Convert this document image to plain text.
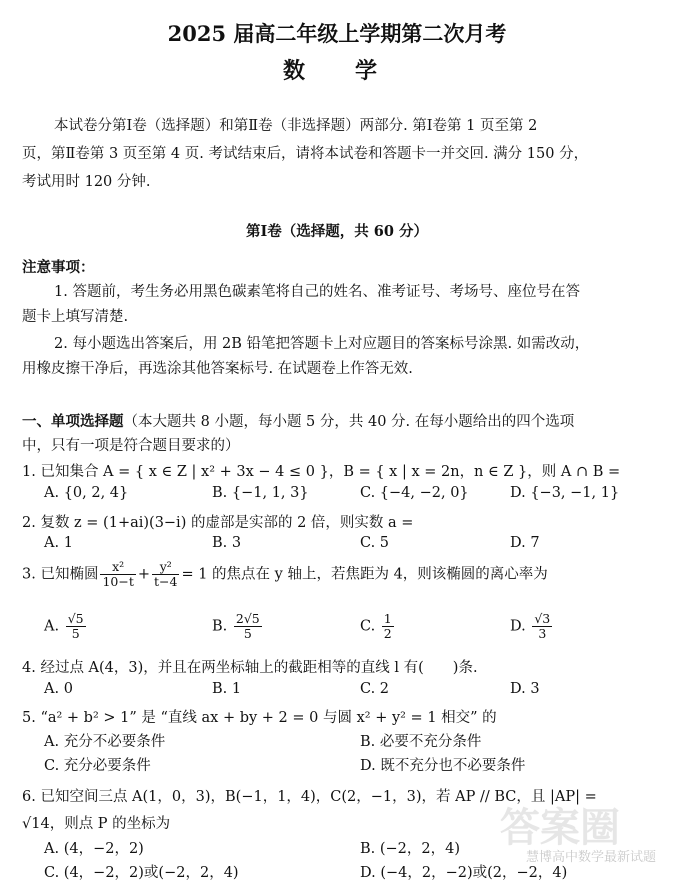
2025 届高二年级上学期第二次月考
数　学
本试卷分第Ⅰ卷（选择题）和第Ⅱ卷（非选择题）两部分. 第Ⅰ卷第 1 页至第 2
页，第Ⅱ卷第 3 页至第 4 页. 考试结束后，请将本试卷和答题卡一并交回. 满分 150 分，
考试用时 120 分钟.
第Ⅰ卷（选择题，共 60 分）
注意事项：
1. 答题前，考生务必用黑色碳素笔将自己的姓名、准考证号、考场号、座位号在答
题卡上填写清楚.
2. 每小题选出答案后，用 2B 铅笔把答题卡上对应题目的答案标号涂黑. 如需改动，
用橡皮擦干净后，再选涂其他答案标号. 在试题卷上作答无效.
一、单项选择题（本大题共 8 小题，每小题 5 分，共 40 分. 在每小题给出的四个选项
中，只有一项是符合题目要求的）
1. 已知集合 A = { x ∈ Z | x² + 3x − 4 ≤ 0 }，B = { x | x = 2n，n ∈ Z }，则 A ∩ B =
A. {0, 2, 4}	B. {−1, 1, 3}	C. {−4, −2, 0}	D. {−3, −1, 1}
2. 复数 z = (1+ai)(3−i) 的虚部是实部的 2 倍，则实数 a =
A. 1	B. 3	C. 5	D. 7
3. 已知椭圆 $\frac{\text{x²}}{10-t} + \frac{\text{y²}}{t-4} = 1$ 的焦点在 y 轴上，若焦距为 4，则该椭圆的离心率为
A. $\frac{√5}{5}$	B. $\frac{2√5}{5}$	C. $\frac{1}{2}$	D. $\frac{√3}{3}$
4. 经过点 A(4，3)，并且在两坐标轴上的截距相等的直线 l 有(　　)条.
A. 0	B. 1	C. 2	D. 3
5. “a² + b² > 1” 是 “直线 ax + by + 2 = 0 与圆 x² + y² = 1 相交” 的
A. 充分不必要条件	B. 必要不充分条件
C. 充分必要条件	D. 既不充分也不必要条件
6. 已知空间三点 A(1，0，3)，B(−1，1，4)，C(2，−1，3)，若 AP // BC，且 |AP| =
√14，则点 P 的坐标为
A. (4，−2，2)	B. (−2，2，4)
C. (4，−2，2)或(−2，2，4)	D. (−4，2，−2)或(2，−2，4)
答案圈
慧博高中数学最新试题
